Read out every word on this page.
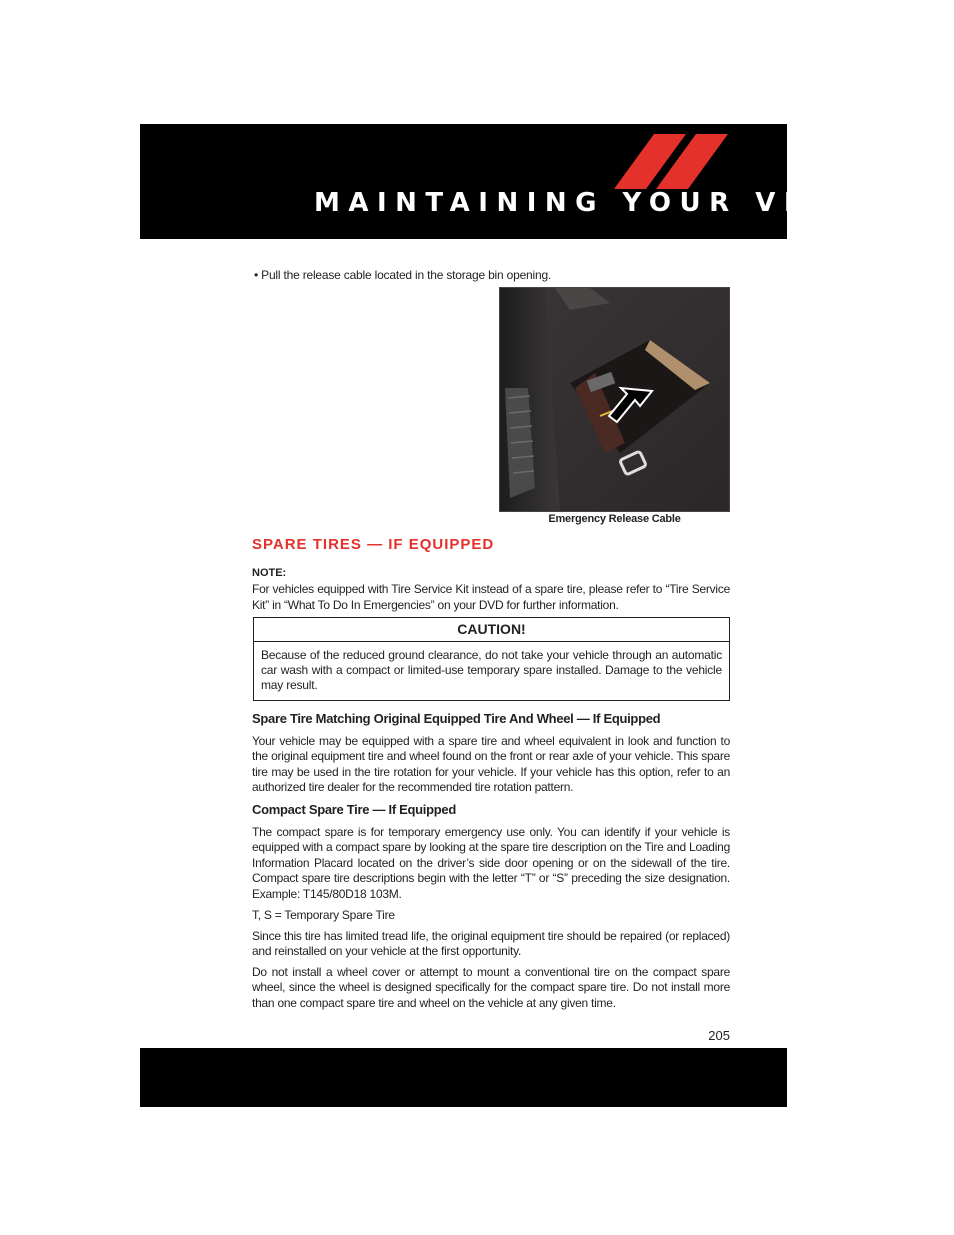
MAINTAINING YOUR VEHICLE
• Pull the release cable located in the storage bin opening.
Emergency Release Cable
SPARE TIRES — IF EQUIPPED
NOTE:
For vehicles equipped with Tire Service Kit instead of a spare tire, please refer to “Tire Service Kit” in “What To Do In Emergencies” on your DVD for further information.
CAUTION!
Because of the reduced ground clearance, do not take your vehicle through an automatic car wash with a compact or limited-use temporary spare installed. Damage to the vehicle may result.
Spare Tire Matching Original Equipped Tire And Wheel — If Equipped
Your vehicle may be equipped with a spare tire and wheel equivalent in look and function to the original equipment tire and wheel found on the front or rear axle of your vehicle. This spare tire may be used in the tire rotation for your vehicle. If your vehicle has this option, refer to an authorized tire dealer for the recommended tire rotation pattern.
Compact Spare Tire — If Equipped
The compact spare is for temporary emergency use only. You can identify if your vehicle is equipped with a compact spare by looking at the spare tire description on the Tire and Loading Information Placard located on the driver’s side door opening or on the sidewall of the tire. Compact spare tire descriptions begin with the letter “T” or “S” preceding the size designation. Example: T145/80D18 103M.
T, S = Temporary Spare Tire
Since this tire has limited tread life, the original equipment tire should be repaired (or replaced) and reinstalled on your vehicle at the first opportunity.
Do not install a wheel cover or attempt to mount a conventional tire on the compact spare wheel, since the wheel is designed specifically for the compact spare tire. Do not install more than one compact spare tire and wheel on the vehicle at any given time.
205
